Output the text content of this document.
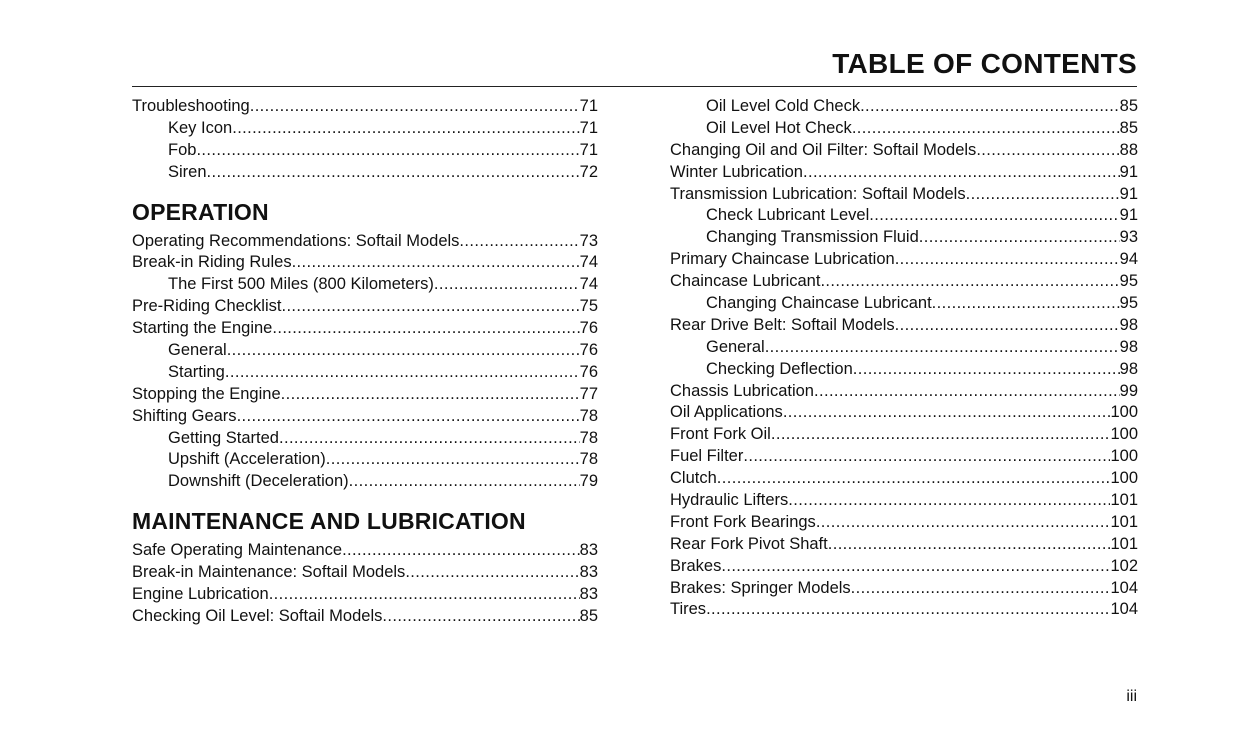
TABLE OF CONTENTS
Troubleshooting .....	71
Key Icon .....	71
Fob .....	71
Siren .....	72
OPERATION
Operating Recommendations: Softail Models .....	73
Break-in Riding Rules .....	74
The First 500 Miles (800 Kilometers) .....	74
Pre-Riding Checklist .....	75
Starting the Engine .....	76
General .....	76
Starting .....	76
Stopping the Engine .....	77
Shifting Gears .....	78
Getting Started .....	78
Upshift (Acceleration) .....	78
Downshift (Deceleration) .....	79
MAINTENANCE AND LUBRICATION
Safe Operating Maintenance .....	83
Break-in Maintenance: Softail Models .....	83
Engine Lubrication .....	83
Checking Oil Level: Softail Models .....	85
Oil Level Cold Check .....	85
Oil Level Hot Check .....	85
Changing Oil and Oil Filter: Softail Models .....	88
Winter Lubrication .....	91
Transmission Lubrication: Softail Models .....	91
Check Lubricant Level .....	91
Changing Transmission Fluid .....	93
Primary Chaincase Lubrication .....	94
Chaincase Lubricant .....	95
Changing Chaincase Lubricant .....	95
Rear Drive Belt: Softail Models .....	98
General .....	98
Checking Deflection .....	98
Chassis Lubrication .....	99
Oil Applications .....	100
Front Fork Oil .....	100
Fuel Filter .....	100
Clutch .....	100
Hydraulic Lifters .....	101
Front Fork Bearings .....	101
Rear Fork Pivot Shaft .....	101
Brakes .....	102
Brakes: Springer Models .....	104
Tires .....	104
iii
